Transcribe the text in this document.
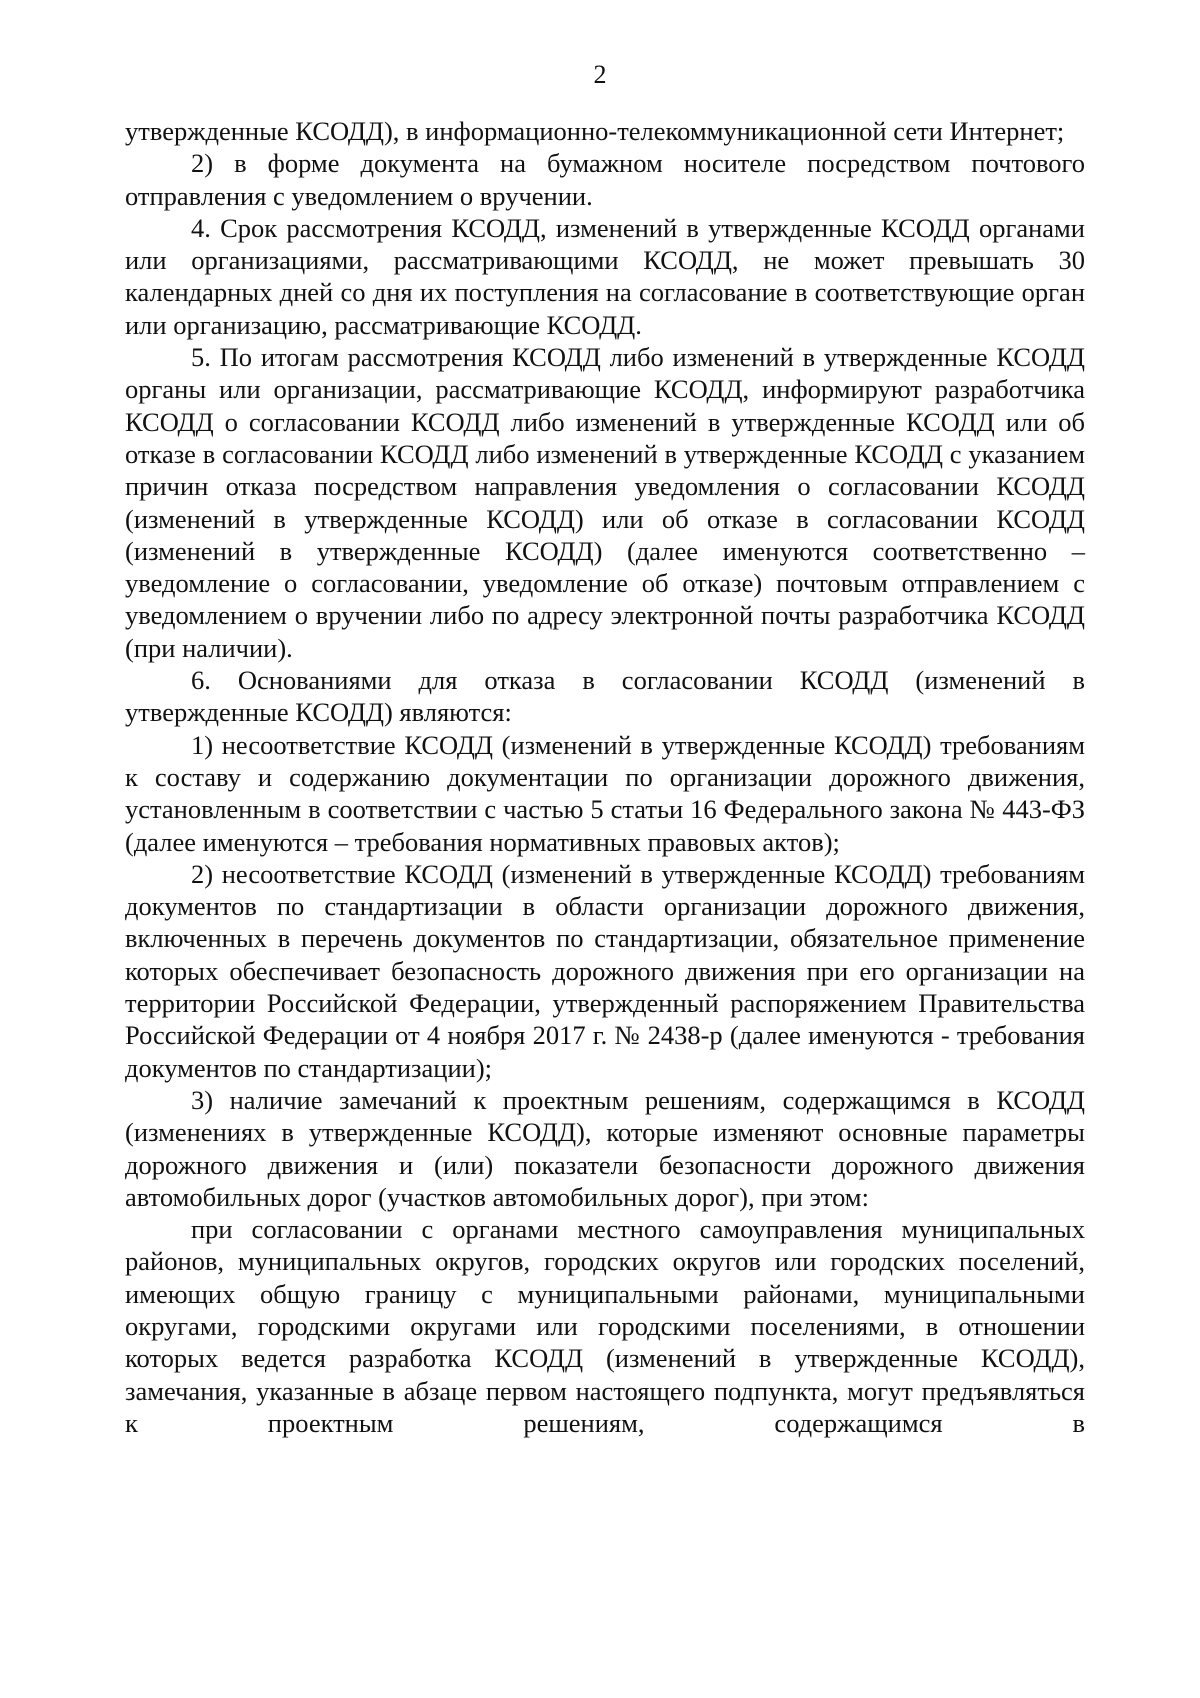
2

утвержденные КСОДД), в информационно-телекоммуникационной сети Интернет;

2) в форме документа на бумажном носителе посредством почтового отправления с уведомлением о вручении.

4. Срок рассмотрения КСОДД, изменений в утвержденные КСОДД органами или организациями, рассматривающими КСОДД, не может превышать 30 календарных дней со дня их поступления на согласование в соответствующие орган или организацию, рассматривающие КСОДД.

5. По итогам рассмотрения КСОДД либо изменений в утвержденные КСОДД органы или организации, рассматривающие КСОДД, информируют разработчика КСОДД о согласовании КСОДД либо изменений в утвержденные КСОДД или об отказе в согласовании КСОДД либо изменений в утвержденные КСОДД с указанием причин отказа посредством направления уведомления о согласовании КСОДД (изменений в утвержденные КСОДД) или об отказе в согласовании КСОДД (изменений в утвержденные КСОДД) (далее именуются соответственно – уведомление о согласовании, уведомление об отказе) почтовым отправлением с уведомлением о вручении либо по адресу электронной почты разработчика КСОДД (при наличии).

6. Основаниями для отказа в согласовании КСОДД (изменений в утвержденные КСОДД) являются:

1) несоответствие КСОДД (изменений в утвержденные КСОДД) требованиям к составу и содержанию документации по организации дорожного движения, установленным в соответствии с частью 5 статьи 16 Федерального закона № 443-ФЗ (далее именуются – требования нормативных правовых актов);

2) несоответствие КСОДД (изменений в утвержденные КСОДД) требованиям документов по стандартизации в области организации дорожного движения, включенных в перечень документов по стандартизации, обязательное применение которых обеспечивает безопасность дорожного движения при его организации на территории Российской Федерации, утвержденный распоряжением Правительства Российской Федерации от 4 ноября 2017 г. № 2438-р (далее именуются - требования документов по стандартизации);

3) наличие замечаний к проектным решениям, содержащимся в КСОДД (изменениях в утвержденные КСОДД), которые изменяют основные параметры дорожного движения и (или) показатели безопасности дорожного движения автомобильных дорог (участков автомобильных дорог), при этом:

при согласовании с органами местного самоуправления муниципальных районов, муниципальных округов, городских округов или городских поселений, имеющих общую границу с муниципальными районами, муниципальными округами, городскими округами или городскими поселениями, в отношении которых ведется разработка КСОДД (изменений в утвержденные КСОДД), замечания, указанные в абзаце первом настоящего подпункта, могут предъявляться к проектным решениям, содержащимся в
